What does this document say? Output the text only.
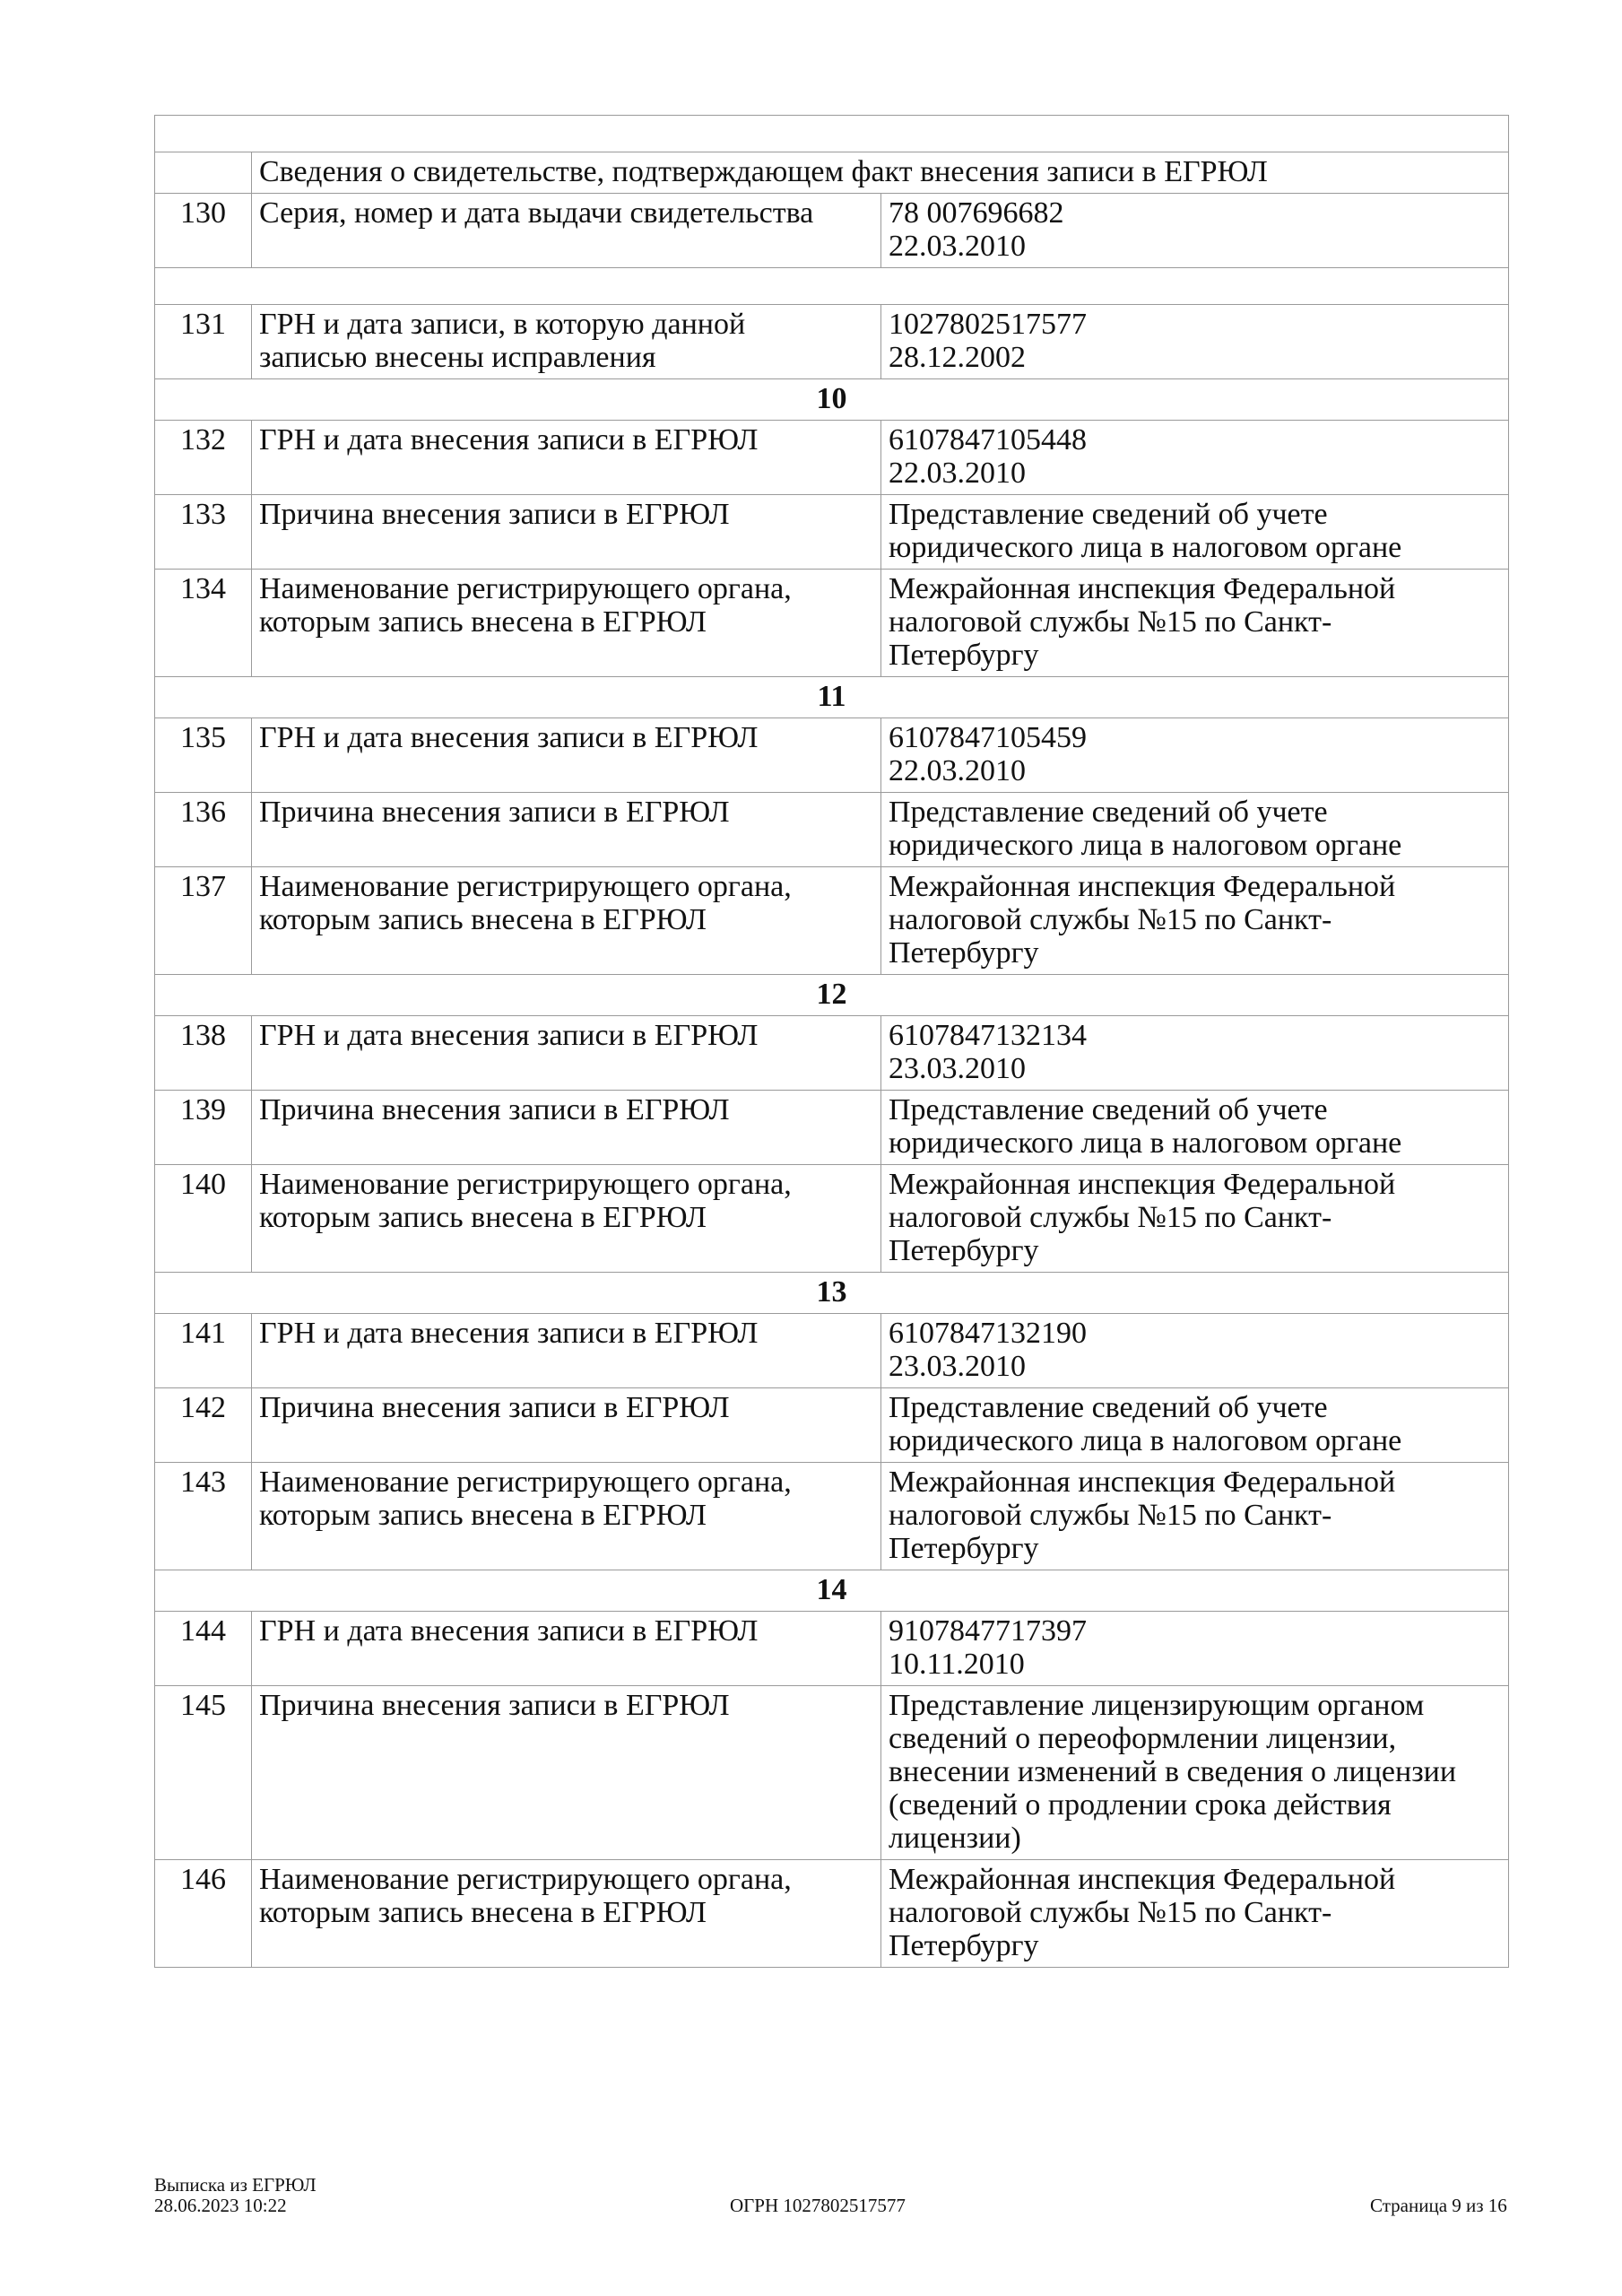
	Сведения о свидетельстве, подтверждающем факт внесения записи в ЕГРЮЛ	
130	Серия, номер и дата выдачи свидетельства	78 007696682
22.03.2010

131	ГРН и дата записи, в которую данной
записью внесены исправления	1027802517577
28.12.2002

10		
132	ГРН и дата внесения записи в ЕГРЮЛ	6107847105448
22.03.2010

133	Причина внесения записи в ЕГРЮЛ	Представление сведений об учете
юридического лица в налоговом органе

134	Наименование регистрирующего органа,
которым запись внесена в ЕГРЮЛ	Межрайонная инспекция Федеральной
налоговой службы №15 по Санкт-
Петербургу

11		
135	ГРН и дата внесения записи в ЕГРЮЛ	6107847105459
22.03.2010

136	Причина внесения записи в ЕГРЮЛ	Представление сведений об учете
юридического лица в налоговом органе

137	Наименование регистрирующего органа,
которым запись внесена в ЕГРЮЛ	Межрайонная инспекция Федеральной
налоговой службы №15 по Санкт-
Петербургу

12		
138	ГРН и дата внесения записи в ЕГРЮЛ	6107847132134
23.03.2010

139	Причина внесения записи в ЕГРЮЛ	Представление сведений об учете
юридического лица в налоговом органе

140	Наименование регистрирующего органа,
которым запись внесена в ЕГРЮЛ	Межрайонная инспекция Федеральной
налоговой службы №15 по Санкт-
Петербургу

13		
141	ГРН и дата внесения записи в ЕГРЮЛ	6107847132190
23.03.2010

142	Причина внесения записи в ЕГРЮЛ	Представление сведений об учете
юридического лица в налоговом органе

143	Наименование регистрирующего органа,
которым запись внесена в ЕГРЮЛ	Межрайонная инспекция Федеральной
налоговой службы №15 по Санкт-
Петербургу

14		
144	ГРН и дата внесения записи в ЕГРЮЛ	9107847717397
10.11.2010

145	Причина внесения записи в ЕГРЮЛ	Представление лицензирующим органом
сведений о переоформлении лицензии,
внесении изменений в сведения о лицензии
(сведений о продлении срока действия
лицензии)

146	Наименование регистрирующего органа,
которым запись внесена в ЕГРЮЛ	Межрайонная инспекция Федеральной
налоговой службы №15 по Санкт-
Петербургу
Выписка из ЕГРЮЛ
28.06.2023 10:22	ОГРН 1027802517577	Страница 9 из 16
